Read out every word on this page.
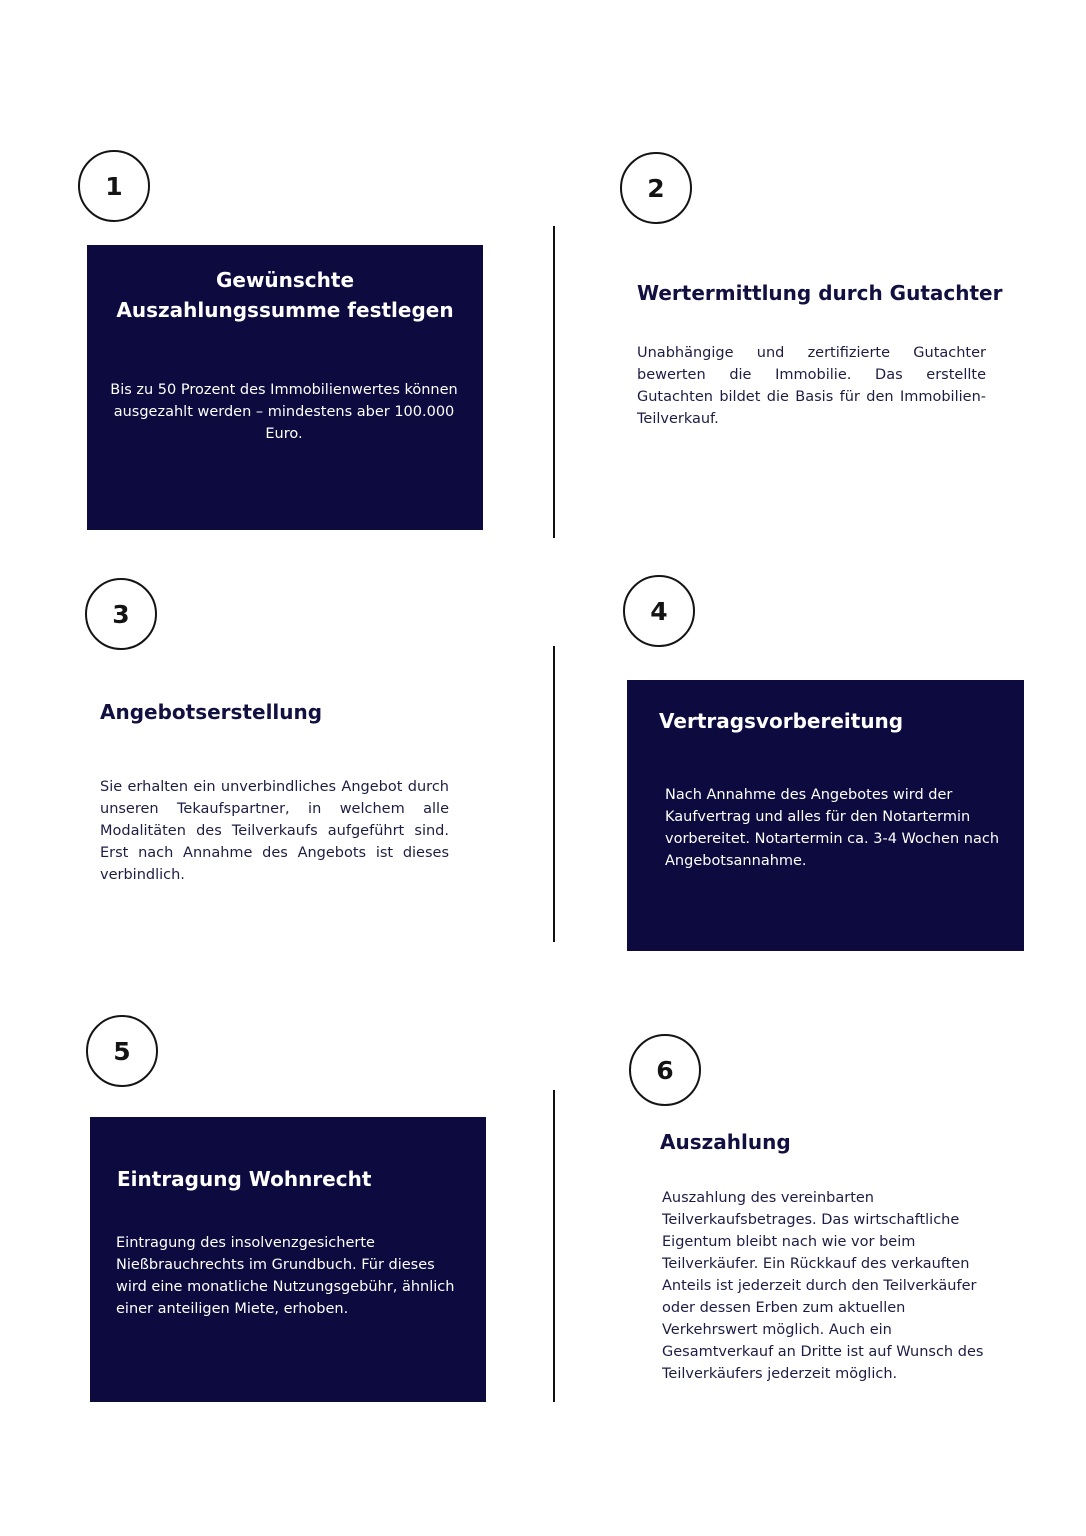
1
Gewünschte Auszahlungssumme festlegen
Bis zu 50 Prozent des Immobilienwertes können ausgezahlt werden – mindestens aber 100.000 Euro.
2
Wertermittlung durch Gutachter
Unabhängige und zertifizierte Gutachter bewerten die Immobilie. Das erstellte Gutachten bildet die Basis für den Immobilien-Teilverkauf.
3
Angebotserstellung
Sie erhalten ein unverbindliches Angebot durch unseren Tekaufspartner, in welchem alle Modalitäten des Teilverkaufs aufgeführt sind. Erst nach Annahme des Angebots ist dieses verbindlich.
4
Vertragsvorbereitung
Nach Annahme des Angebotes wird der Kaufvertrag und alles für den Notartermin vorbereitet. Notartermin ca. 3-4 Wochen nach Angebotsannahme.
5
Eintragung Wohnrecht
Eintragung des insolvenzgesicherte Nießbrauchrechts im Grundbuch. Für dieses wird eine monatliche Nutzungsgebühr, ähnlich einer anteiligen Miete, erhoben.
6
Auszahlung
Auszahlung des vereinbarten Teilverkaufsbetrages. Das wirtschaftliche Eigentum bleibt nach wie vor beim Teilverkäufer. Ein Rückkauf des verkauften Anteils ist jederzeit durch den Teilverkäufer oder dessen Erben zum aktuellen Verkehrswert möglich. Auch ein Gesamtverkauf an Dritte ist auf Wunsch des Teilverkäufers jederzeit möglich.
